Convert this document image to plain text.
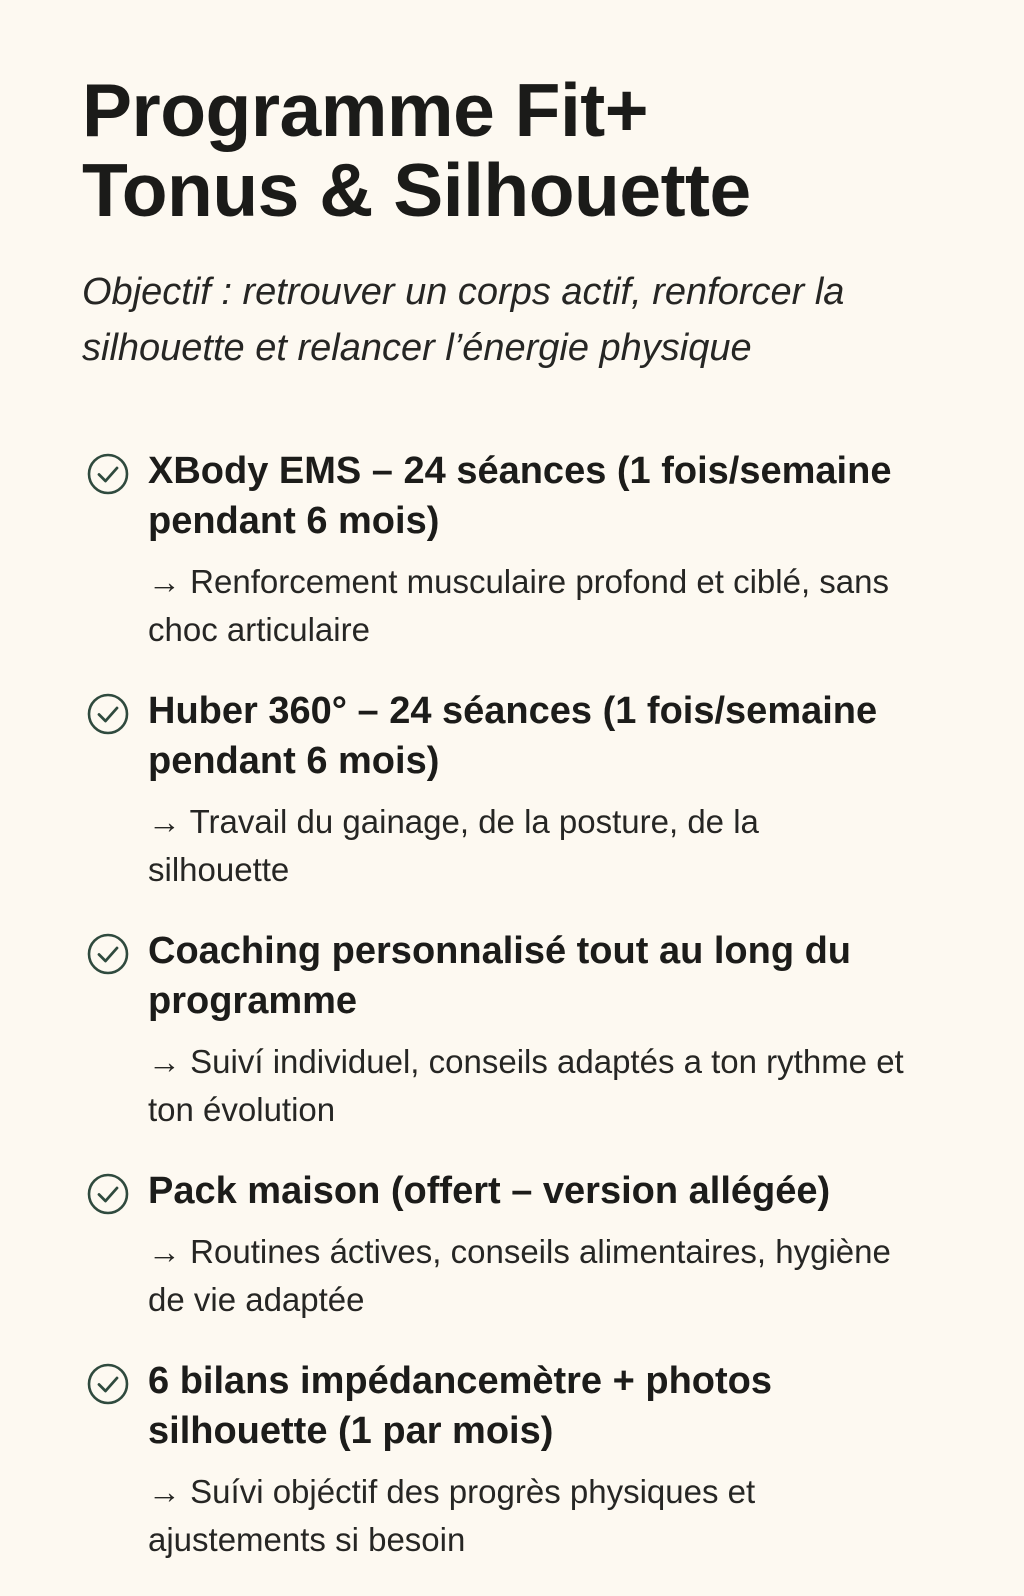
Programme Fit+
Tonus & Silhouette

Objectif : retrouver un corps actif, renforcer la silhouette et relancer l’énergie physique

XBody EMS – 24 séances (1 fois/semaine pendant 6 mois)
→ Renforcement musculaire profond et ciblé, sans choc articulaire
Huber 360° – 24 séances (1 fois/semaine pendant 6 mois)
→ Travail du gainage, de la posture, de la silhouette
Coaching personnalisé tout au long du programme
→ Suiví individuel, conseils adaptés a ton rythme et ton évolution
Pack maison (offert – version allégée)
→ Routines áctives, conseils alimentaires, hygiène de vie adaptée
6 bilans impédancemètre + photos silhouette (1 par mois)
→ Suívi objéctif des progrès physiques et ajustements si besoin
